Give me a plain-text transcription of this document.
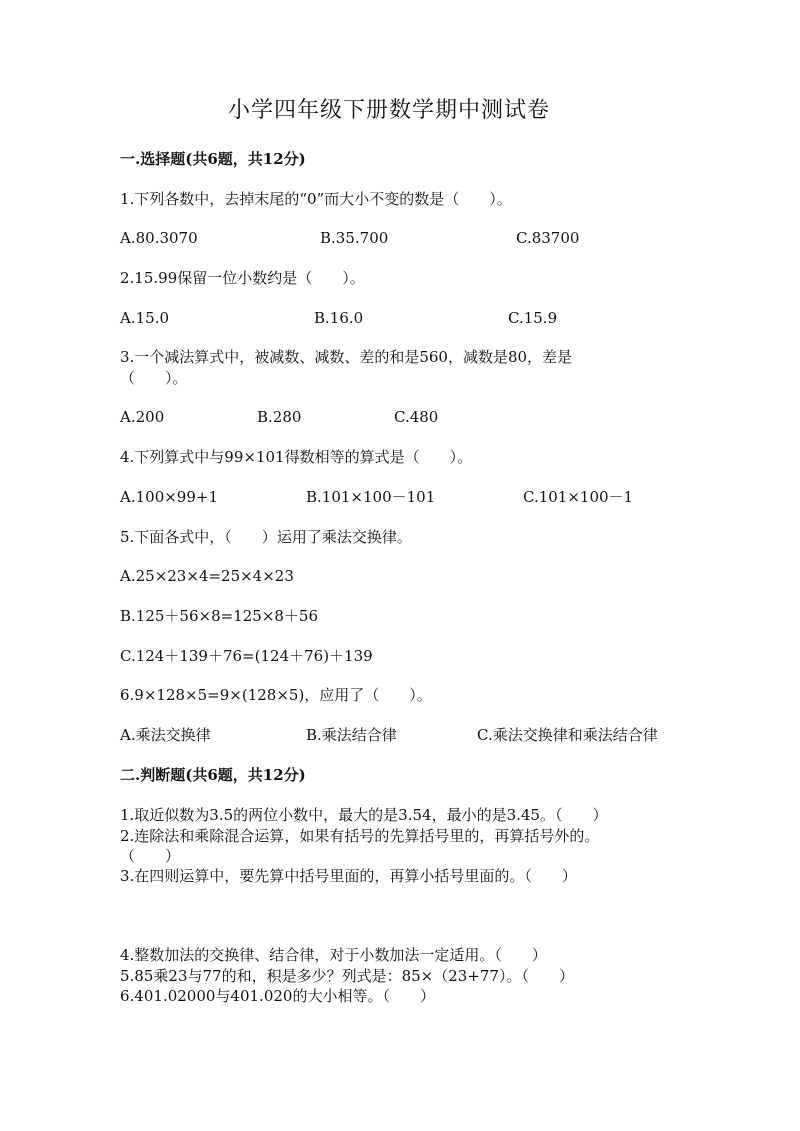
小学四年级下册数学期中测试卷
一.选择题(共6题，共12分)
1.下列各数中，去掉末尾的“0”而大小不变的数是（　　）。
A.80.3070	B.35.700	C.83700
2.15.99保留一位小数约是（　　）。
A.15.0	B.16.0	C.15.9
3.一个减法算式中，被减数、减数、差的和是560，减数是80，差是
（　　）。
A.200	B.280	C.480
4.下列算式中与99×101得数相等的算式是（　　）。
A.100×99+1	B.101×100－101	C.101×100－1
5.下面各式中，（　　）运用了乘法交换律。
A.25×23×4=25×4×23
B.125＋56×8=125×8＋56
C.124＋139＋76=(124＋76)＋139
6.9×128×5=9×(128×5)，应用了（　　）。
A.乘法交换律	B.乘法结合律	C.乘法交换律和乘法结合律
二.判断题(共6题，共12分)
1.取近似数为3.5的两位小数中，最大的是3.54，最小的是3.45。（　　）
2.连除法和乘除混合运算，如果有括号的先算括号里的，再算括号外的。
（　　）
3.在四则运算中，要先算中括号里面的，再算小括号里面的。（　　）
4.整数加法的交换律、结合律，对于小数加法一定适用。（　　）
5.85乘23与77的和，积是多少？列式是：85×（23+77）。（　　）
6.401.02000与401.020的大小相等。（　　）
